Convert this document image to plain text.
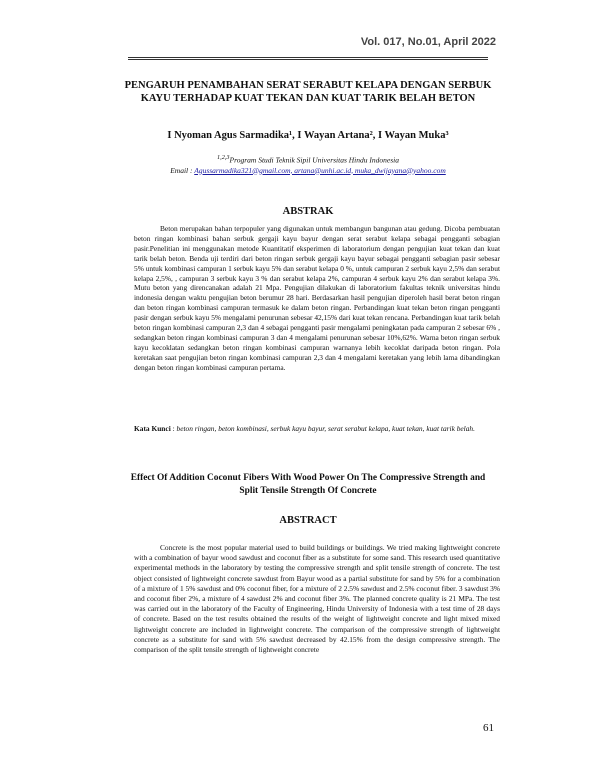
Vol. 017, No.01, April 2022
PENGARUH PENAMBAHAN SERAT SERABUT KELAPA DENGAN SERBUK KAYU TERHADAP KUAT TEKAN DAN KUAT TARIK BELAH BETON
I Nyoman Agus Sarmadika¹, I Wayan Artana², I Wayan Muka³
$^{1,2,3}$Program Studi Teknik Sipil Universitas Hindu Indonesia
Email : Agussarmadika321@gmail.com, artana@unhi.ac.id, muka_dwijayana@yahoo.com
ABSTRAK

Beton merupakan bahan terpopuler yang digunakan untuk membangun bangunan atau gedung. Dicoba pembuatan beton ringan kombinasi bahan serbuk gergaji kayu bayur dengan serat serabut kelapa sebagai pengganti sebagian pasir.Penelitian ini menggunakan metode Kuantitatif eksperimen di laboratorium dengan pengujian kuat tekan dan kuat tarik belah beton. Benda uji terdiri dari beton ringan serbuk gergaji kayu bayur sebagai pengganti sebagian pasir sebesar 5% untuk kombinasi campuran 1 serbuk kayu 5% dan serabut kelapa 0 %, untuk campuran 2 serbuk kayu 2,5% dan serabut kelapa 2,5%, , campuran 3 serbuk kayu 3 % dan serabut kelapa 2%, campuran 4 serbuk kayu 2% dan serabut kelapa 3%. Mutu beton yang direncanakan adalah 21 Mpa. Pengujian dilakukan di laboratorium fakultas teknik universitas hindu indonesia dengan waktu pengujian beton berumur 28 hari. Berdasarkan hasil pengujian diperoleh hasil berat beton ringan dan beton ringan kombinasi campuran termasuk ke dalam beton ringan. Perbandingan kuat tekan beton ringan pengganti pasir dengan serbuk kayu 5% mengalami penurunan sebesar 42,15% dari kuat tekan rencana. Perbandingan kuat tarik belah beton ringan kombinasi campuran 2,3 dan 4 sebagai pengganti pasir mengalami peningkatan pada campuran 2 sebesar 6% , sedangkan beton ringan kombinasi campuran 3 dan 4 mengalami penurunan sebesar 10%,62%. Warna beton ringan serbuk kayu kecoklatan sedangkan beton ringan kombinasi campuran warnanya lebih kecoklat daripada beton ringan. Pola keretakan saat pengujian beton ringan kombinasi campuran 2,3 dan 4 mengalami keretakan yang lebih lama dibandingkan dengan beton ringan kombinasi campuran pertama.

Kata Kunci : beton ringan, beton kombinasi, serbuk kayu bayur, serat serabut kelapa, kuat tekan, kuat tarik belah.

Effect Of Addition Coconut Fibers With Wood Power On The Compressive Strength and Split Tensile Strength Of Concrete
ABSTRACT

Concrete is the most popular material used to build buildings or buildings. We tried making lightweight concrete with a combination of bayur wood sawdust and coconut fiber as a substitute for some sand. This research used quantitative experimental methods in the laboratory by testing the compressive strength and split tensile strength of concrete. The test object consisted of lightweight concrete sawdust from Bayur wood as a partial substitute for sand by 5% for a combination of a mixture of 1 5% sawdust and 0% coconut fiber, for a mixture of 2 2.5% sawdust and 2.5% coconut fiber. 3 sawdust 3% and coconut fiber 2%, a mixture of 4 sawdust 2% and coconut fiber 3%. The planned concrete quality is 21 MPa. The test was carried out in the laboratory of the Faculty of Engineering, Hindu University of Indonesia with a test time of 28 days of concrete. Based on the test results obtained the results of the weight of lightweight concrete and light mixed mixed lightweight concrete are included in lightweight concrete. The comparison of the compressive strength of lightweight concrete as a substitute for sand with 5% sawdust decreased by 42.15% from the design compressive strength. The comparison of the split tensile strength of lightweight concrete

61
